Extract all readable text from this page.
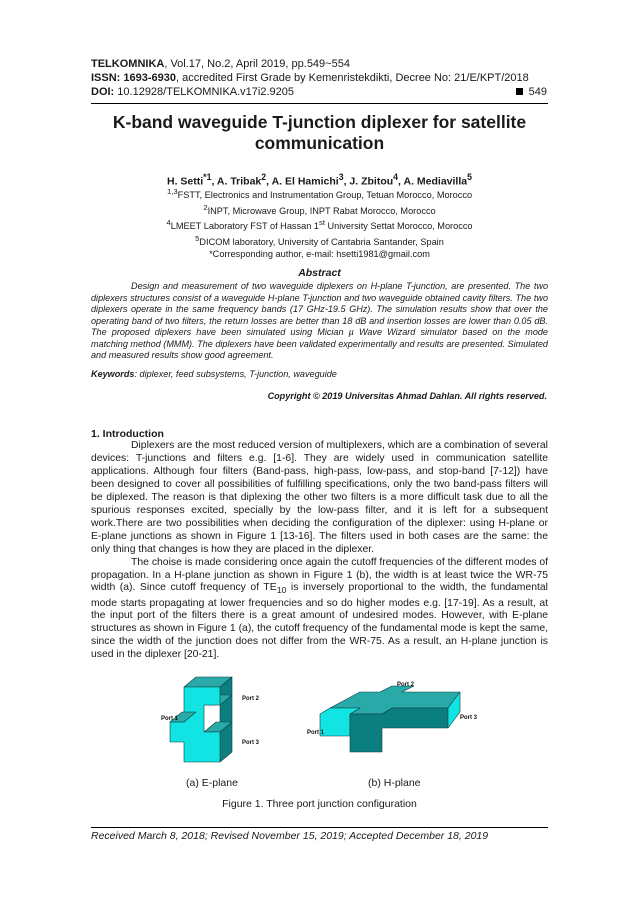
TELKOMNIKA, Vol.17, No.2, April 2019, pp.549~554
ISSN: 1693-6930, accredited First Grade by Kemenristekdikti, Decree No: 21/E/KPT/2018
DOI: 10.12928/TELKOMNIKA.v17i2.9205	549
K-band waveguide T-junction diplexer for satellite communication
H. Setti$^{*1}$, A. Tribak$^2$, A. El Hamichi$^3$, J. Zbitou$^4$, A. Mediavilla$^5$
$^{1,3}$FSTT, Electronics and Instrumentation Group, Tetuan Morocco, Morocco
$^2$INPT, Microwave Group, INPT Rabat Morocco, Morocco
$^4$LMEET Laboratory FST of Hassan 1st University Settat Morocco, Morocco
$^5$DICOM laboratory, University of Cantabria Santander, Spain
*Corresponding author, e-mail: hsetti1981@gmail.com
Abstract

Design and measurement of two waveguide diplexers on H-plane T-junction, are presented. The two diplexers structures consist of a waveguide H-plane T-junction and two waveguide obtained cavity filters. The two diplexers operate in the same frequency bands (17 GHz-19.5 GHz). The simulation results show that over the operating band of two filters, the return losses are better than 18 dB and insertion losses are lower than 0.05 dB. The proposed diplexers have been simulated using Mician µ Wave Wizard simulator based on the mode matching method (MMM). The diplexers have been validated experimentally and results are presented. Simulated and measured results show good agreement.

Keywords: diplexer, feed subsystems, T-junction, waveguide
Copyright © 2019 Universitas Ahmad Dahlan. All rights reserved.
1. Introduction

Diplexers are the most reduced version of multiplexers, which are a combination of several devices: T-junctions and filters e.g. [1-6]. They are widely used in communication satellite applications. Although four filters (Band-pass, high-pass, low-pass, and stop-band [7-12]) have been designed to cover all possibilities of fulfilling specifications, only the two band-pass filters will be diplexed. The reason is that diplexing the other two filters is a more difficult task due to all the spurious responses excited, specially by the low-pass filter, and it is left for a subsequent work.There are two possibilities when deciding the configuration of the diplexer: using H-plane or E-plane junctions as shown in Figure 1 [13-16]. The filters used in both cases are the same: the only thing that changes is how they are placed in the diplexer.

The choise is made considering once again the cutoff frequencies of the different modes of propagation. In a H-plane junction as shown in Figure 1 (b), the width is at least twice the WR-75 width (a). Since cutoff frequency of $TE_{10}$ is inversely proportional to the width, the fundamental mode starts propagating at lower frequencies and so do higher modes e.g. [17-19]. As a result, at the input port of the filters there is a great amount of undesired modes. However, with E-plane structures as shown in Figure 1 (a), the cutoff frequency of the fundamental mode is kept the same, since the width of the junction does not differ from the WR-75. As a result, an H-plane junction is used in the diplexer [20-21].

Port 1
Port 2
Port 3
Port 2
Port 3
Port 1
(a) E-plane	(b) H-plane
Figure 1. Three port junction configuration
Received March 8, 2018; Revised November 15, 2019; Accepted December 18, 2019
